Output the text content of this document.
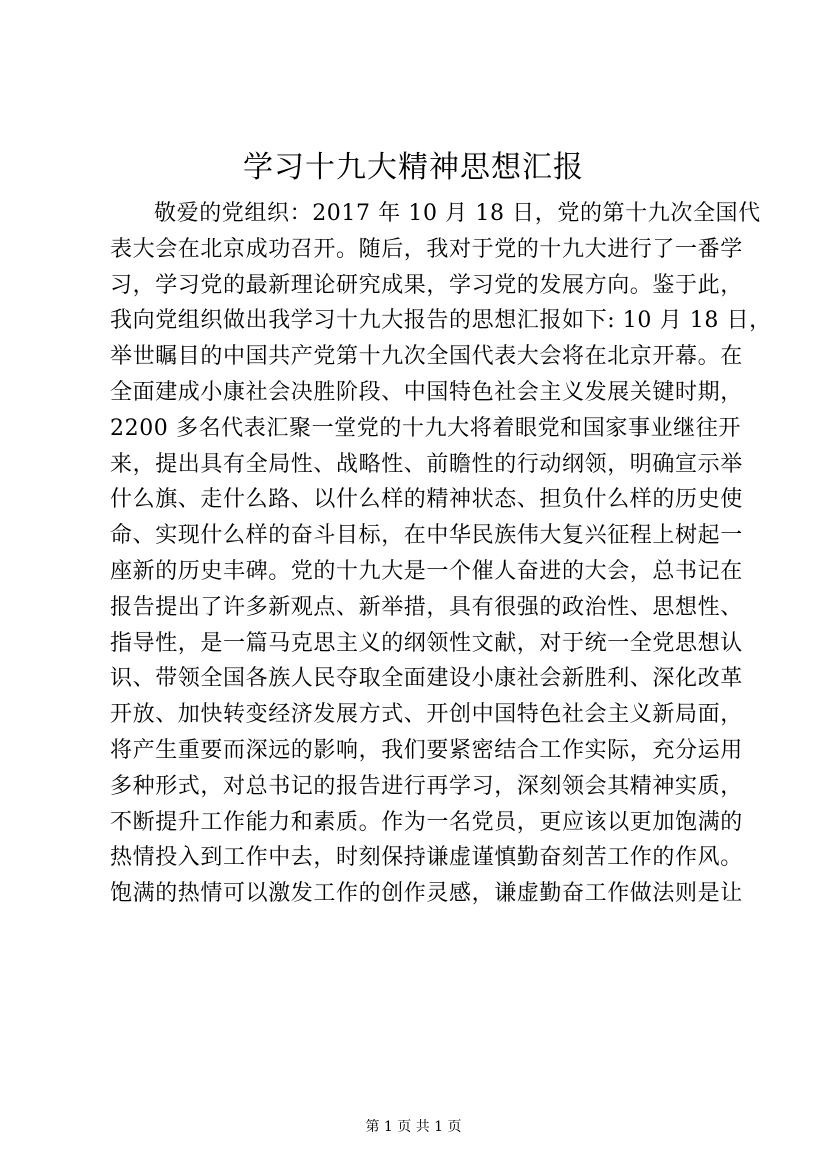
学习十九大精神思想汇报
敬爱的党组织：2017 年 10 月 18 日，党的第十九次全国代
表大会在北京成功召开。随后，我对于党的十九大进行了一番学
习，学习党的最新理论研究成果，学习党的发展方向。鉴于此，
我向党组织做出我学习十九大报告的思想汇报如下: 10 月 18 日，
举世瞩目的中国共产党第十九次全国代表大会将在北京开幕。在
全面建成小康社会决胜阶段、中国特色社会主义发展关键时期，
2200 多名代表汇聚一堂党的十九大将着眼党和国家事业继往开
来，提出具有全局性、战略性、前瞻性的行动纲领，明确宣示举
什么旗、走什么路、以什么样的精神状态、担负什么样的历史使
命、实现什么样的奋斗目标，在中华民族伟大复兴征程上树起一
座新的历史丰碑。党的十九大是一个催人奋进的大会，总书记在
报告提出了许多新观点、新举措，具有很强的政治性、思想性、
指导性，是一篇马克思主义的纲领性文献，对于统一全党思想认
识、带领全国各族人民夺取全面建设小康社会新胜利、深化改革
开放、加快转变经济发展方式、开创中国特色社会主义新局面，
将产生重要而深远的影响，我们要紧密结合工作实际，充分运用
多种形式，对总书记的报告进行再学习，深刻领会其精神实质，
不断提升工作能力和素质。作为一名党员，更应该以更加饱满的
热情投入到工作中去，时刻保持谦虚谨慎勤奋刻苦工作的作风。
饱满的热情可以激发工作的创作灵感，谦虚勤奋工作做法则是让
第 1 页 共 1 页
